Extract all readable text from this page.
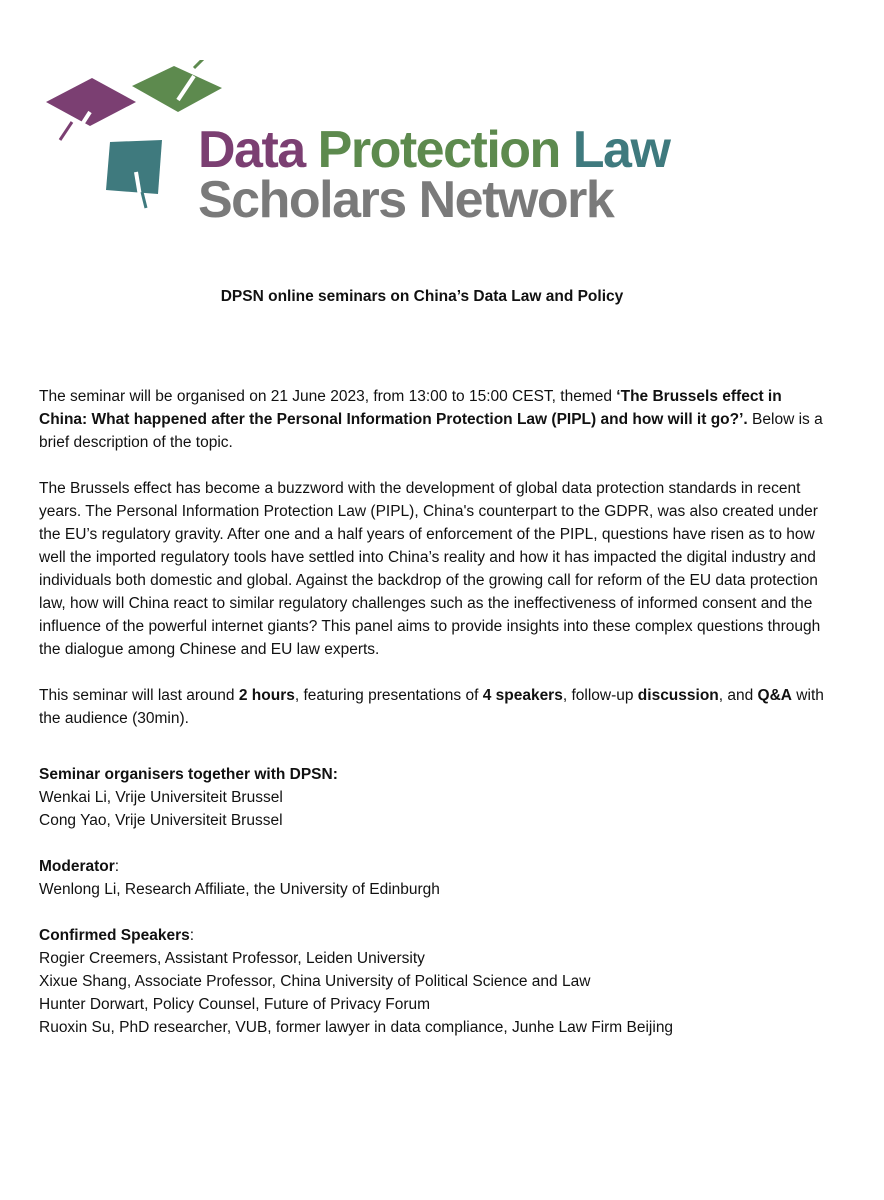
Data Protection Law
Scholars Network
DPSN online seminars on China’s Data Law and Policy

The seminar will be organised on 21 June 2023, from 13:00 to 15:00 CEST, themed ‘The Brussels effect in China: What happened after the Personal Information Protection Law (PIPL) and how will it go?’. Below is a brief description of the topic.

The Brussels effect has become a buzzword with the development of global data protection standards in recent years. The Personal Information Protection Law (PIPL), China's counterpart to the GDPR, was also created under the EU’s regulatory gravity. After one and a half years of enforcement of the PIPL, questions have risen as to how well the imported regulatory tools have settled into China’s reality and how it has impacted the digital industry and individuals both domestic and global. Against the backdrop of the growing call for reform of the EU data protection law, how will China react to similar regulatory challenges such as the ineffectiveness of informed consent and the influence of the powerful internet giants? This panel aims to provide insights into these complex questions through the dialogue among Chinese and EU law experts.

This seminar will last around 2 hours, featuring presentations of 4 speakers, follow-up discussion, and Q&A with the audience (30min).

Seminar organisers together with DPSN:

Wenkai Li, Vrije Universiteit Brussel

Cong Yao, Vrije Universiteit Brussel

Moderator:

Wenlong Li, Research Affiliate, the University of Edinburgh

Confirmed Speakers:

Rogier Creemers, Assistant Professor, Leiden University

Xixue Shang, Associate Professor, China University of Political Science and Law

Hunter Dorwart, Policy Counsel, Future of Privacy Forum

Ruoxin Su, PhD researcher, VUB, former lawyer in data compliance, Junhe Law Firm Beijing
